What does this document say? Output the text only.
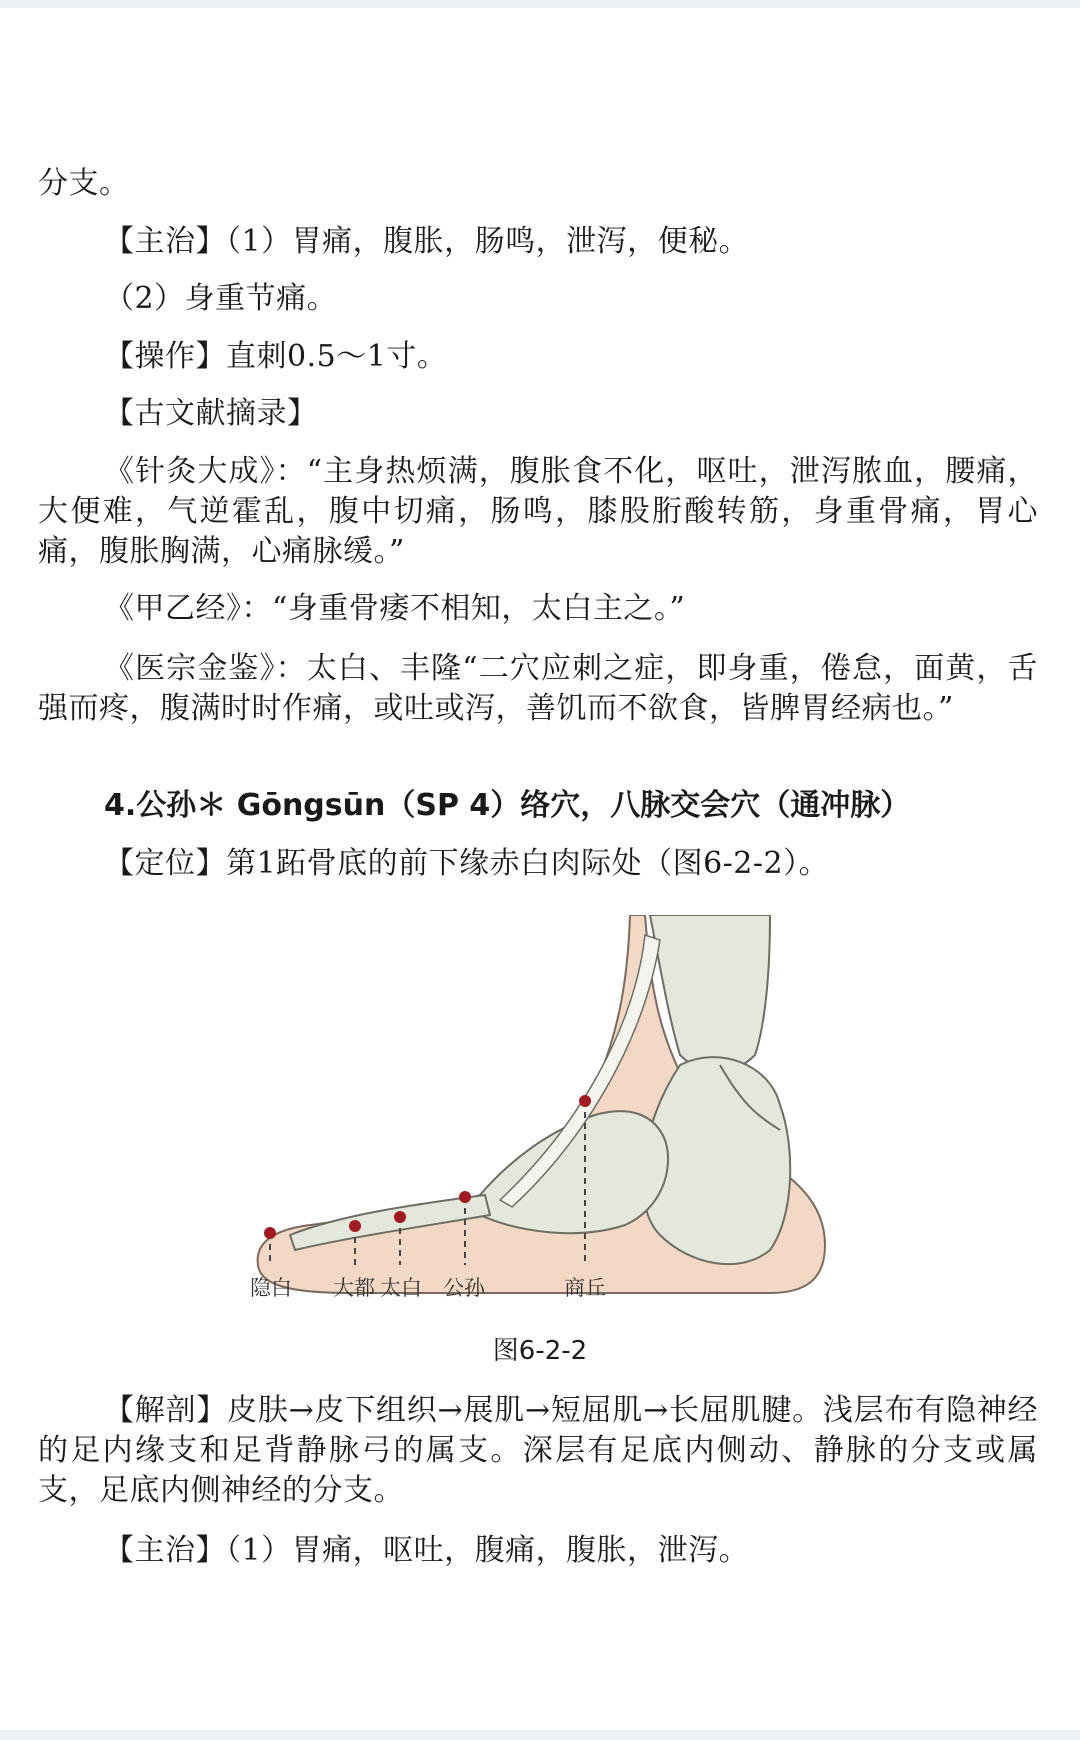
分支。
【主治】（1）胃痛，腹胀，肠鸣，泄泻，便秘。
（2）身重节痛。
【操作】直刺0.5～1寸。
【古文献摘录】
《针灸大成》：“主身热烦满，腹胀食不化，呕吐，泄泻脓血，腰痛，大便难，气逆霍乱，腹中切痛，肠鸣，膝股胻酸转筋，身重骨痛，胃心痛，腹胀胸满，心痛脉缓。”
《甲乙经》：“身重骨痿不相知，太白主之。”
《医宗金鉴》：太白、丰隆“二穴应刺之症，即身重，倦怠，面黄，舌强而疼，腹满时时作痛，或吐或泻，善饥而不欲食，皆脾胃经病也。”
4.公孙＊ Gōngsūn（SP 4）络穴，八脉交会穴（通冲脉）
【定位】第1跖骨底的前下缘赤白肉际处（图6-2-2）。
隐白 大都 太白 公孙	商丘
图6-2-2
【解剖】皮肤→皮下组织→展肌→短屈肌→长屈肌腱。浅层布有隐神经的足内缘支和足背静脉弓的属支。深层有足底内侧动、静脉的分支或属支，足底内侧神经的分支。
【主治】（1）胃痛，呕吐，腹痛，腹胀，泄泻。
